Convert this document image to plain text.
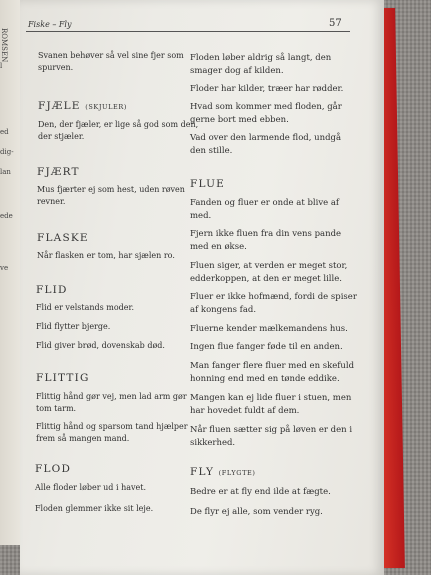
ROMSEN
l
ed
dig-
lan
ede
ve
Fiske – Fly	57
Svanen behøver så vel sine fjer som
spurven.
FJÆLE (SKJULER)
Den, der fjæler, er lige så god som den,
der stjæler.
FJÆRT
Mus fjærter ej som hest, uden røven
revner.
FLASKE
Når flasken er tom, har sjælen ro.
FLID
Flid er velstands moder.
Flid flytter bjerge.
Flid giver brød, dovenskab død.
FLITTIG
Flittig hånd gør vej, men lad arm gør
tom tarm.
Flittig hånd og sparsom tand hjælper
frem så mangen mand.
FLOD
Alle floder løber ud i havet.
Floden glemmer ikke sit leje.
Floden løber aldrig så langt, den
smager dog af kilden.
Floder har kilder, træer har rødder.
Hvad som kommer med floden, går
gerne bort med ebben.
Vad over den larmende flod, undgå
den stille.
FLUE
Fanden og fluer er onde at blive af
med.
Fjern ikke fluen fra din vens pande
med en økse.
Fluen siger, at verden er meget stor,
edderkoppen, at den er meget lille.
Fluer er ikke hofmænd, fordi de spiser
af kongens fad.
Fluerne kender mælkemandens hus.
Ingen flue fanger føde til en anden.
Man fanger flere fluer med en skefuld
honning end med en tønde eddike.
Mangen kan ej lide fluer i stuen, men
har hovedet fuldt af dem.
Når fluen sætter sig på løven er den i
sikkerhed.
FLY (FLYGTE)
Bedre er at fly end ilde at fægte.
De flyr ej alle, som vender ryg.
